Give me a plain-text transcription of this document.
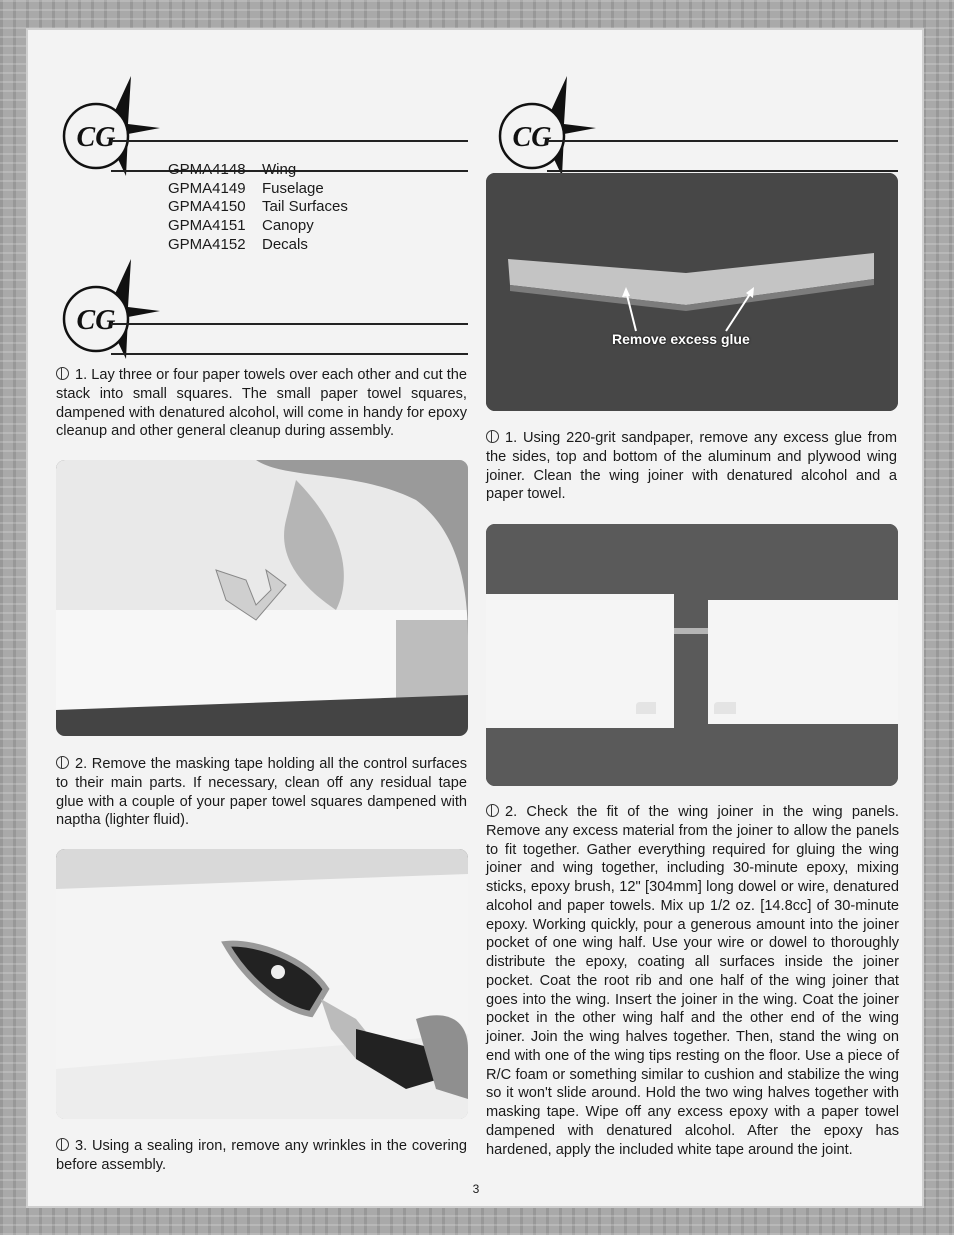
CG
GPMA4148 Wing
GPMA4149 Fuselage
GPMA4150 Tail Surfaces
GPMA4151 Canopy
GPMA4152 Decals
CG
CG
1. Lay three or four paper towels over each other and cut the stack into small squares. The small paper towel squares, dampened with denatured alcohol, will come in handy for epoxy cleanup and other general cleanup during assembly.
2. Remove the masking tape holding all the control surfaces to their main parts. If necessary, clean off any residual tape glue with a couple of your paper towel squares dampened with naptha (lighter fluid).
3. Using a sealing iron, remove any wrinkles in the covering before assembly.
Remove excess glue
1. Using 220-grit sandpaper, remove any excess glue from the sides, top and bottom of the aluminum and plywood wing joiner. Clean the wing joiner with denatured alcohol and a paper towel.
2. Check the fit of the wing joiner in the wing panels. Remove any excess material from the joiner to allow the panels to fit together. Gather everything required for gluing the wing joiner and wing together, including 30-minute epoxy, mixing sticks, epoxy brush, 12" [304mm] long dowel or wire, denatured alcohol and paper towels. Mix up 1/2 oz. [14.8cc] of 30-minute epoxy. Working quickly, pour a generous amount into the joiner pocket of one wing half. Use your wire or dowel to thoroughly distribute the epoxy, coating all surfaces inside the joiner pocket. Coat the root rib and one half of the wing joiner that goes into the wing. Insert the joiner in the wing. Coat the joiner pocket in the other wing half and the other end of the wing joiner. Join the wing halves together. Then, stand the wing on end with one of the wing tips resting on the floor. Use a piece of R/C foam or something similar to cushion and stabilize the wing so it won't slide around. Hold the two wing halves together with masking tape. Wipe off any excess epoxy with a paper towel dampened with denatured alcohol. After the epoxy has hardened, apply the included white tape around the joint.
3
